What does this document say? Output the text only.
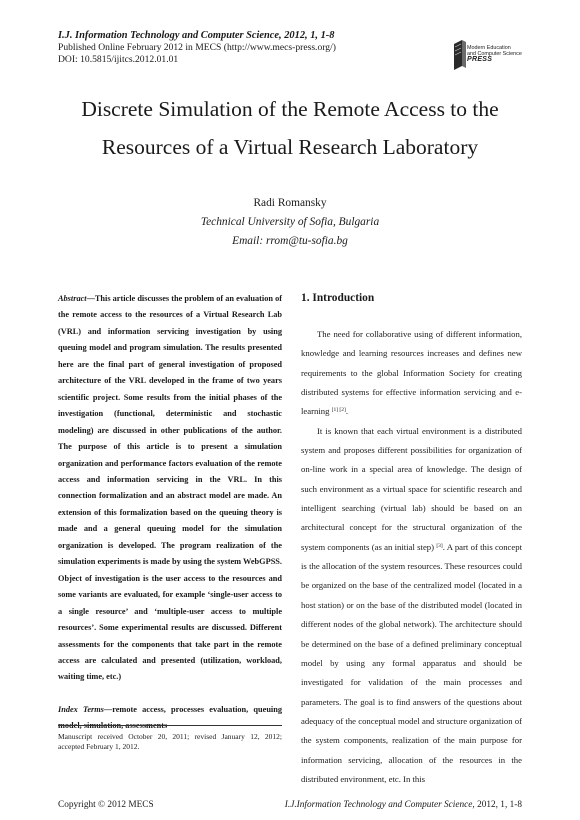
I.J. Information Technology and Computer Science, 2012, 1, 1-8
Published Online February 2012 in MECS (http://www.mecs-press.org/)
DOI: 10.5815/ijitcs.2012.01.01
Modern Education
and Computer Science
PRESS
Discrete Simulation of the Remote Access to the Resources of a Virtual Research Laboratory
Radi Romansky
Technical University of Sofia, Bulgaria
Email: rrom@tu-sofia.bg

Abstract—This article discusses the problem of an evaluation of the remote access to the resources of a Virtual Research Lab (VRL) and information servicing investigation by using queuing model and program simulation. The results presented here are the final part of general investigation of proposed architecture of the VRL developed in the frame of two years scientific project. Some results from the initial phases of the investigation (functional, deterministic and stochastic modeling) are discussed in other publications of the author. The purpose of this article is to present a simulation organization and performance factors evaluation of the remote access and information servicing in the VRL. In this connection formalization and an abstract model are made. An extension of this formalization based on the queuing theory is made and a general queuing model for the simulation organization is developed. The program realization of the simulation experiments is made by using the system WebGPSS. Object of investigation is the user access to the resources and some variants are evaluated, for example ‘single-user access to a single resource’ and ‘multiple-user access to multiple resources’. Some experimental results are discussed. Different assessments for the components that take part in the remote access are calculated and presented (utilization, workload, waiting time, etc.)

Index Terms—remote access, processes evaluation, queuing model, simulation, assessments

Manuscript received October 20, 2011; revised January 12, 2012; accepted February 1, 2012.
1. Introduction

The need for collaborative using of different information, knowledge and learning resources increases and defines new requirements to the global Information Society for creating distributed systems for effective information servicing and e-learning [1] [2].

It is known that each virtual environment is a distributed system and proposes different possibilities for organization of on-line work in a special area of knowledge. The design of such environment as a virtual space for scientific research and intelligent searching (virtual lab) should be based on an architectural concept for the structural organization of the system components (as an initial step) [3]. A part of this concept is the allocation of the system resources. These resources could be organized on the base of the centralized model (located in a host station) or on the base of the distributed model (located in different nodes of the global network). The architecture should be determined on the base of a defined preliminary conceptual model by using any formal apparatus and should be investigated for validation of the main processes and parameters. The goal is to find answers of the questions about adequacy of the conceptual model and structure organization of the system components, realization of the main purpose for information servicing, allocation of the resources in the distributed environment, etc. In this

Copyright © 2012 MECS	I.J.Information Technology and Computer Science, 2012, 1, 1-8
